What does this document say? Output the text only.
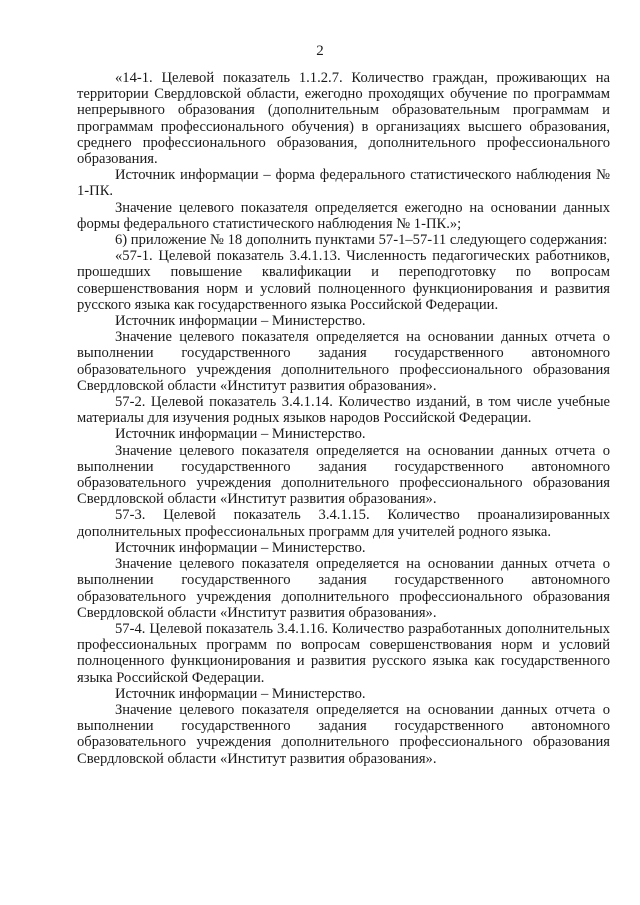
2

«14-1. Целевой показатель 1.1.2.7. Количество граждан, проживающих на территории Свердловской области, ежегодно проходящих обучение по программам непрерывного образования (дополнительным образовательным программам и программам профессионального обучения) в организациях высшего образования, среднего профессионального образования, дополнительного профессионального образования.

Источник информации – форма федерального статистического наблюдения № 1-ПК.

Значение целевого показателя определяется ежегодно на основании данных формы федерального статистического наблюдения № 1-ПК.»;

6) приложение № 18 дополнить пунктами 57-1–57-11 следующего содержания:

«57-1. Целевой показатель 3.4.1.13. Численность педагогических работников, прошедших повышение квалификации и переподготовку по вопросам совершенствования норм и условий полноценного функционирования и развития русского языка как государственного языка Российской Федерации.

Источник информации – Министерство.

Значение целевого показателя определяется на основании данных отчета о выполнении государственного задания государственного автономного образовательного учреждения дополнительного профессионального образования Свердловской области «Институт развития образования».

57-2. Целевой показатель 3.4.1.14. Количество изданий, в том числе учебные материалы для изучения родных языков народов Российской Федерации.

Источник информации – Министерство.

Значение целевого показателя определяется на основании данных отчета о выполнении государственного задания государственного автономного образовательного учреждения дополнительного профессионального образования Свердловской области «Институт развития образования».

57-3. Целевой показатель 3.4.1.15. Количество проанализированных дополнительных профессиональных программ для учителей родного языка.

Источник информации – Министерство.

Значение целевого показателя определяется на основании данных отчета о выполнении государственного задания государственного автономного образовательного учреждения дополнительного профессионального образования Свердловской области «Институт развития образования».

57-4. Целевой показатель 3.4.1.16. Количество разработанных дополнительных профессиональных программ по вопросам совершенствования норм и условий полноценного функционирования и развития русского языка как государственного языка Российской Федерации.

Источник информации – Министерство.

Значение целевого показателя определяется на основании данных отчета о выполнении государственного задания государственного автономного образовательного учреждения дополнительного профессионального образования Свердловской области «Институт развития образования».
